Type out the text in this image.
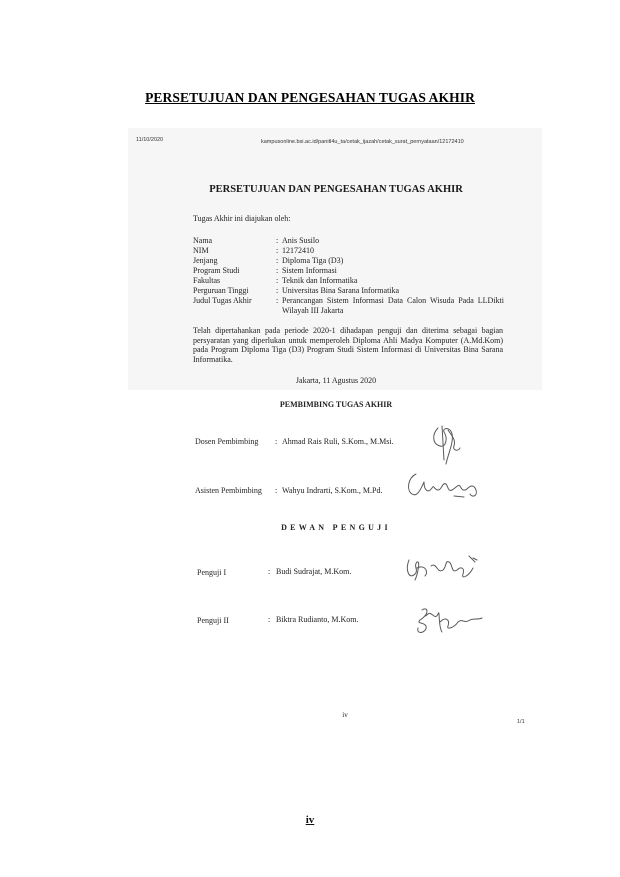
PERSETUJUAN DAN PENGESAHAN TUGAS AKHIR
11/10/2020	kampusonline.bsi.ac.id/panitl4u_ta/cetak_ijazah/cetak_surat_pernyataan/12172410
PERSETUJUAN DAN PENGESAHAN TUGAS AKHIR
Tugas Akhir ini diajukan oleh:
Nama	: Anis Susilo
NIM	: 12172410
Jenjang	: Diploma Tiga (D3)
Program Studi	: Sistem Informasi
Fakultas	: Teknik dan Informatika
Perguruan Tinggi	: Universitas Bina Sarana Informatika
Judul Tugas Akhir	: Perancangan Sistem Informasi Data Calon Wisuda Pada LLDikti Wilayah III Jakarta
Telah dipertahankan pada periode 2020-1 dihadapan penguji dan diterima sebagai bagian persyaratan yang diperlukan untuk memperoleh Diploma Ahli Madya Komputer (A.Md.Kom) pada Program Diploma Tiga (D3) Program Studi Sistem Informasi di Universitas Bina Sarana Informatika.
Jakarta, 11 Agustus 2020
PEMBIMBING TUGAS AKHIR
Dosen Pembimbing : Ahmad Rais Ruli, S.Kom., M.Msi.
Asisten Pembimbing : Wahyu Indrarti, S.Kom., M.Pd.
DEWAN PENGUJI
Penguji I	: Budi Sudrajat, M.Kom.
Penguji II	: Biktra Rudianto, M.Kom.
iv
1/1
iv
